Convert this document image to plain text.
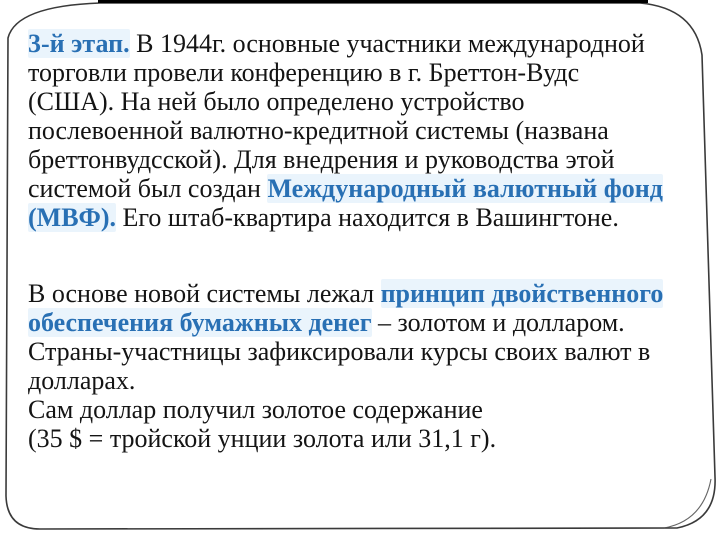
3-й этап. В 1944г. основные участники международной
торговли провели конференцию в г. Бреттон-Вудс
(США). На ней было определено устройство
послевоенной валютно-кредитной системы (названа
бреттонвудсской). Для внедрения и руководства этой
системой был создан Международный валютный фонд
(МВФ). Его штаб-квартира находится в Вашингтоне.
В основе новой системы лежал принцип двойственного
обеспечения бумажных денег – золотом и долларом.
Страны-участницы зафиксировали курсы своих валют в
долларах.
Сам доллар получил золотое содержание
(35 $ = тройской унции золота или 31,1 г).
